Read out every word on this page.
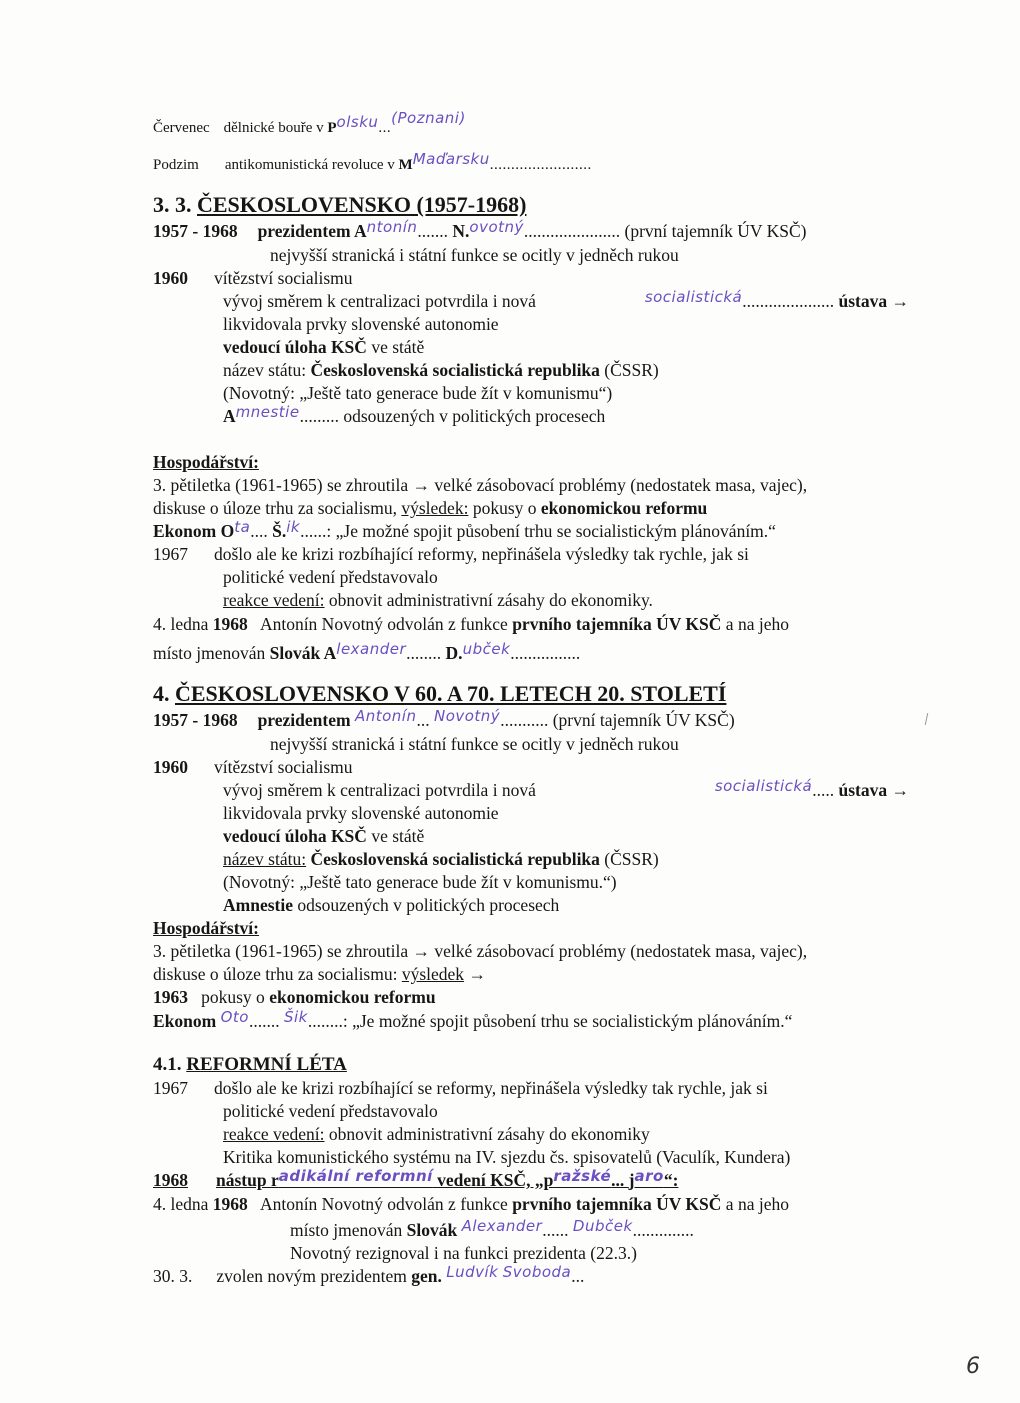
Červenec dělnické bouře v Polsku...(Poznani)
Podzim antikomunistická revoluce v MMaďarsku........................
3. 3. ČESKOSLOVENSKO (1957-1968)
1957 - 1968 prezidentem Antonín....... N.ovotný...................... (první tajemník ÚV KSČ)
nejvyšší stranická i státní funkce se ocitly v jedněch rukou
1960 vítězství socialismu
vývoj směrem k centralizaci potvrdila i nová	socialistická..................... ústava →
likvidovala prvky slovenské autonomie
vedoucí úloha KSČ ve státě
název státu: Československá socialistická republika (ČSSR)
(Novotný: „Ještě tato generace bude žít v komunismu“)
Amnestie......... odsouzených v politických procesech
Hospodářství:
3. pětiletka (1961-1965) se zhroutila → velké zásobovací problémy (nedostatek masa, vajec),
diskuse o úloze trhu za socialismu, výsledek: pokusy o ekonomickou reformu
Ekonom Ota.... Š.ik......: „Je možné spojit působení trhu se socialistickým plánováním.“
1967 došlo ale ke krizi rozbíhající reformy, nepřinášela výsledky tak rychle, jak si
politické vedení představovalo
reakce vedení: obnovit administrativní zásahy do ekonomiky.
4. ledna 1968   Antonín Novotný odvolán z funkce prvního tajemníka ÚV KSČ a na jeho
místo jmenován Slovák Alexander........ D.ubček................
4. ČESKOSLOVENSKO V 60. A 70. LETECH 20. STOLETÍ
1957 - 1968 prezidentem Antonín... Novotný........... (první tajemník ÚV KSČ)
nejvyšší stranická i státní funkce se ocitly v jedněch rukou
1960 vítězství socialismu
vývoj směrem k centralizaci potvrdila i nová	socialistická..... ústava →
likvidovala prvky slovenské autonomie
vedoucí úloha KSČ ve státě
název státu: Československá socialistická republika (ČSSR)
(Novotný: „Ještě tato generace bude žít v komunismu.“)
Amnestie odsouzených v politických procesech
Hospodářství:
3. pětiletka (1961-1965) se zhroutila → velké zásobovací problémy (nedostatek masa, vajec),
diskuse o úloze trhu za socialismu: výsledek →
1963   pokusy o ekonomickou reformu
Ekonom Oto....... Šik........: „Je možné spojit působení trhu se socialistickým plánováním.“
4.1. REFORMNÍ LÉTA
1967 došlo ale ke krizi rozbíhající se reformy, nepřinášela výsledky tak rychle, jak si
politické vedení představovalo
reakce vedení: obnovit administrativní zásahy do ekonomiky
Kritika komunistického systému na IV. sjezdu čs. spisovatelů (Vaculík, Kundera)
1968 nástup radikální reformní vedení KSČ, „pražské... jaro“:
4. ledna 1968   Antonín Novotný odvolán z funkce prvního tajemníka ÚV KSČ a na jeho
místo jmenován Slovák Alexander...... Dubček..............
Novotný rezignoval i na funkci prezidenta (22.3.)
30. 3. zvolen novým prezidentem gen. Ludvík Svoboda...
6
